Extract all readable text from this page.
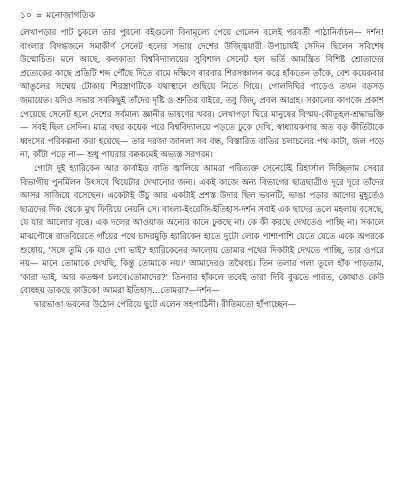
১০ ⌗ মনোজাগতিক

লেখাপড়ার পাট চুকলে তার পুরনো বইগুলো বিনামূল্যে পেয়ে গেলেন বলেই পরবর্তী পাঠানির্বাচন— দর্শন! বাংলার বিদগ্ধজনে সমাকীর্ণ সেনেট হলের সভায় দেশের উজ্জ্বিযারী উপাচার্যই সেদিন ছিলেন সবিশেষ উন্মোচিত। মনে আছে, কলকাতা বিশ্ববিদ্যালয়ের সুবিশাল সেনেট হল ভর্তি আমন্ত্রিত বিশিষ্ট শ্রোতাদের প্রত্যেকের কাছে প্রতিটি শব্দ পৌঁছে দিতে বামে দক্ষিণে বারবার শিরসঞ্চালন করে হাঁকতেন তাঁকে, বেশ কয়েকবার আঙুলের সম্মেয় টোকায় শিরস্ত্রাণটিকে যথাস্থানে গুছিয়ে নিতে গিয়ে। গোলদিঘির পাড়েও তখন বড়সড় জমায়েত। যদিও সভার সবকিছুই তাঁদের দৃষ্টি ও শ্রুতির বাইরে, তবু জিদ্, প্রবল আগ্রহ। সকালের কাগজে প্রকাশ পেয়েছে সেনেট হলে দেশের সর্বমান্য জ্ঞানীর ভাষণের খবর। লেখাপড়া ঘিরে মানুষের বিস্ময়-কৌতূহল-শ্রদ্ধাভক্তি— সবই ছিল সেদিন। মাত্র বছর কয়েক পরে বিশ্ববিদ্যালয়ে পড়তে ঢুকে দেখি, স্বাধ্যায়কণার অত বড় কীর্তিটাকে ধ্বংসের পরিকল্পনা করা হয়েছে— তার দরজা জানলা সব বন্ধ, বিস্তারিত বাতির চলাচলের পথ কাটা, জল পড়ে না, কাঁটা পড়ে না— শুধু পায়রার বক্বকমেই অভ্যস্ত সরগরম।

গোটা দুই হ্যারিকেন আর কার্বাইড বাতি জ্বালিয়ে আমরা পরিত্যক্ত সেনেটেই রিহার্সাল দিচ্ছিলাম সেবার বিভাগীয় পুনর্মিলন উৎসবে থিয়েটার দেখানোর জন্য। একই কাজে অন্য বিভাগের ছাত্রছাত্রীও দূরে দূরে তাঁদের আসর সাজিয়ে বসেছেন। একেটাই উঁচু আর একটাই প্রশস্ত উদার ছিল ভবনটি, ভাঙা পড়ার আগের মুহূর্তেও ছাত্রদের দিক থেকে মুখ ফিরিয়ে নেয়নি সে। বাংলা-ইংরেজি-ইতিহাস-দর্শন সবাই এক ছাদের তলে মহলায় বসেছে, যে যার আলোর বৃত্তে। এক দলের আওয়াজ অন্যের কানে ঢুকছে না। কে কী করছে দেখতেও পাচ্ছি না। সকালে মাঝপৌষে রাতবিরেতে গাঁয়ের পথে চাদরমুড়ি হ্যারিকেন হাতে দুটো লোক পাশাপাশি যেতে যেতে একে অপরকে শুধোয়, 'সঙ্গে তুমি কে যাও গো ভাই? হ্যারিকেনের আলোয় তোমার পথের দিকটাই দেখতে পাচ্ছি, তার ওপরে নয়— মানে তোমাকে দেখছি, কিন্তু তোমাকে নয়।' আমাদেরও তথৈবচ। তিন তলার গলা তুলে হাঁক পাড়তাম, 'কারা ভাই, আর কতক্ষণ চলবে।তোমাদের?' তিনবার হাঁকলে তবেই তারা দিবি বুঝতে পারত, কোথাও কেউ বোধহয় ডাকছে কাউকে! আমরা ইতিহাস...তোমরা?—দর্শন—

দ্বারভাঙা ভবনের উঠোন পেরিয়ে ছুটে এলেন সহপাঠিনী। রীতিমতো হাঁপাচ্ছেন—
